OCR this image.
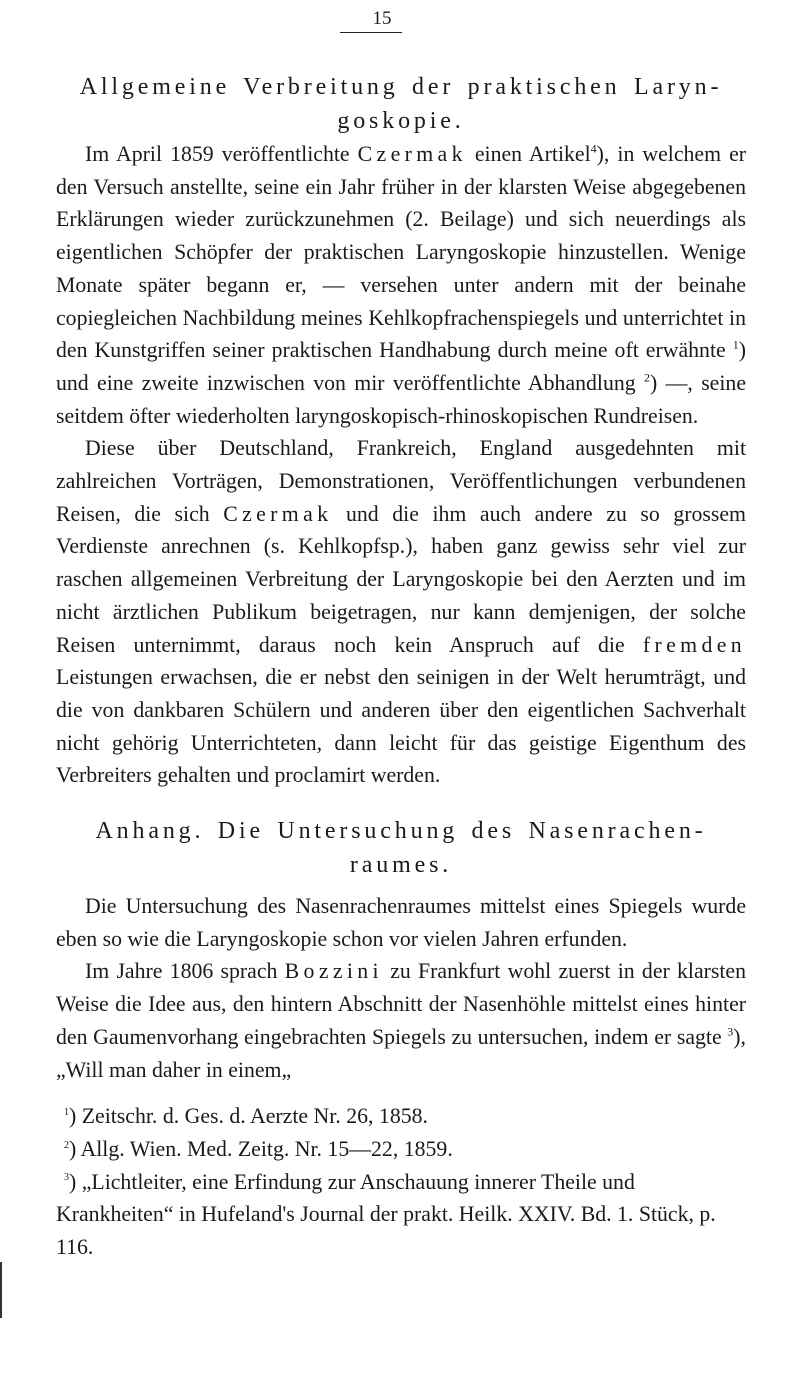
15
Allgemeine Verbreitung der praktischen Laryn-
goskopie.

Im April 1859 veröffentlichte Czermak einen Artikel$^4$), in welchem er den Versuch anstellte, seine ein Jahr früher in der klarsten Weise abgegebenen Erklärungen wieder zurückzunehmen (2. Beilage) und sich neuerdings als eigentlichen Schöpfer der praktischen Laryngoskopie hinzustellen. Wenige Monate später begann er, — versehen unter andern mit der beinahe copiegleichen Nachbildung meines Kehlkopfrachenspiegels und unterrichtet in den Kunstgriffen seiner praktischen Handhabung durch meine oft erwähnte $^1$) und eine zweite inzwischen von mir veröffentlichte Abhandlung $^2$) —, seine seitdem öfter wiederholten laryngoskopisch-rhinoskopischen Rundreisen.

Diese über Deutschland, Frankreich, England ausgedehnten mit zahlreichen Vorträgen, Demonstrationen, Veröffentlichungen verbundenen Reisen, die sich Czermak und die ihm auch andere zu so grossem Verdienste anrechnen (s. Kehlkopfsp.), haben ganz gewiss sehr viel zur raschen allgemeinen Verbreitung der Laryngoskopie bei den Aerzten und im nicht ärztlichen Publikum beigetragen, nur kann demjenigen, der solche Reisen unternimmt, daraus noch kein Anspruch auf die fremden Leistungen erwachsen, die er nebst den seinigen in der Welt herumträgt, und die von dankbaren Schülern und anderen über den eigentlichen Sachverhalt nicht gehörig Unterrichteten, dann leicht für das geistige Eigenthum des Verbreiters gehalten und proclamirt werden.

Anhang. Die Untersuchung des Nasenrachen-
raumes.

Die Untersuchung des Nasenrachenraumes mittelst eines Spiegels wurde eben so wie die Laryngoskopie schon vor vielen Jahren erfunden.

Im Jahre 1806 sprach Bozzini zu Frankfurt wohl zuerst in der klarsten Weise die Idee aus, den hintern Abschnitt der Nasenhöhle mittelst eines hinter den Gaumenvorhang eingebrachten Spiegels zu untersuchen, indem er sagte $^3$), „Will man daher in einem„

$^1$) Zeitschr. d. Ges. d. Aerzte Nr. 26, 1858.

$^2$) Allg. Wien. Med. Zeitg. Nr. 15—22, 1859.

$^3$) „Lichtleiter, eine Erfindung zur Anschauung innerer Theile und Krankheiten“ in Hufeland's Journal der prakt. Heilk. XXIV. Bd. 1. Stück, p. 116.
